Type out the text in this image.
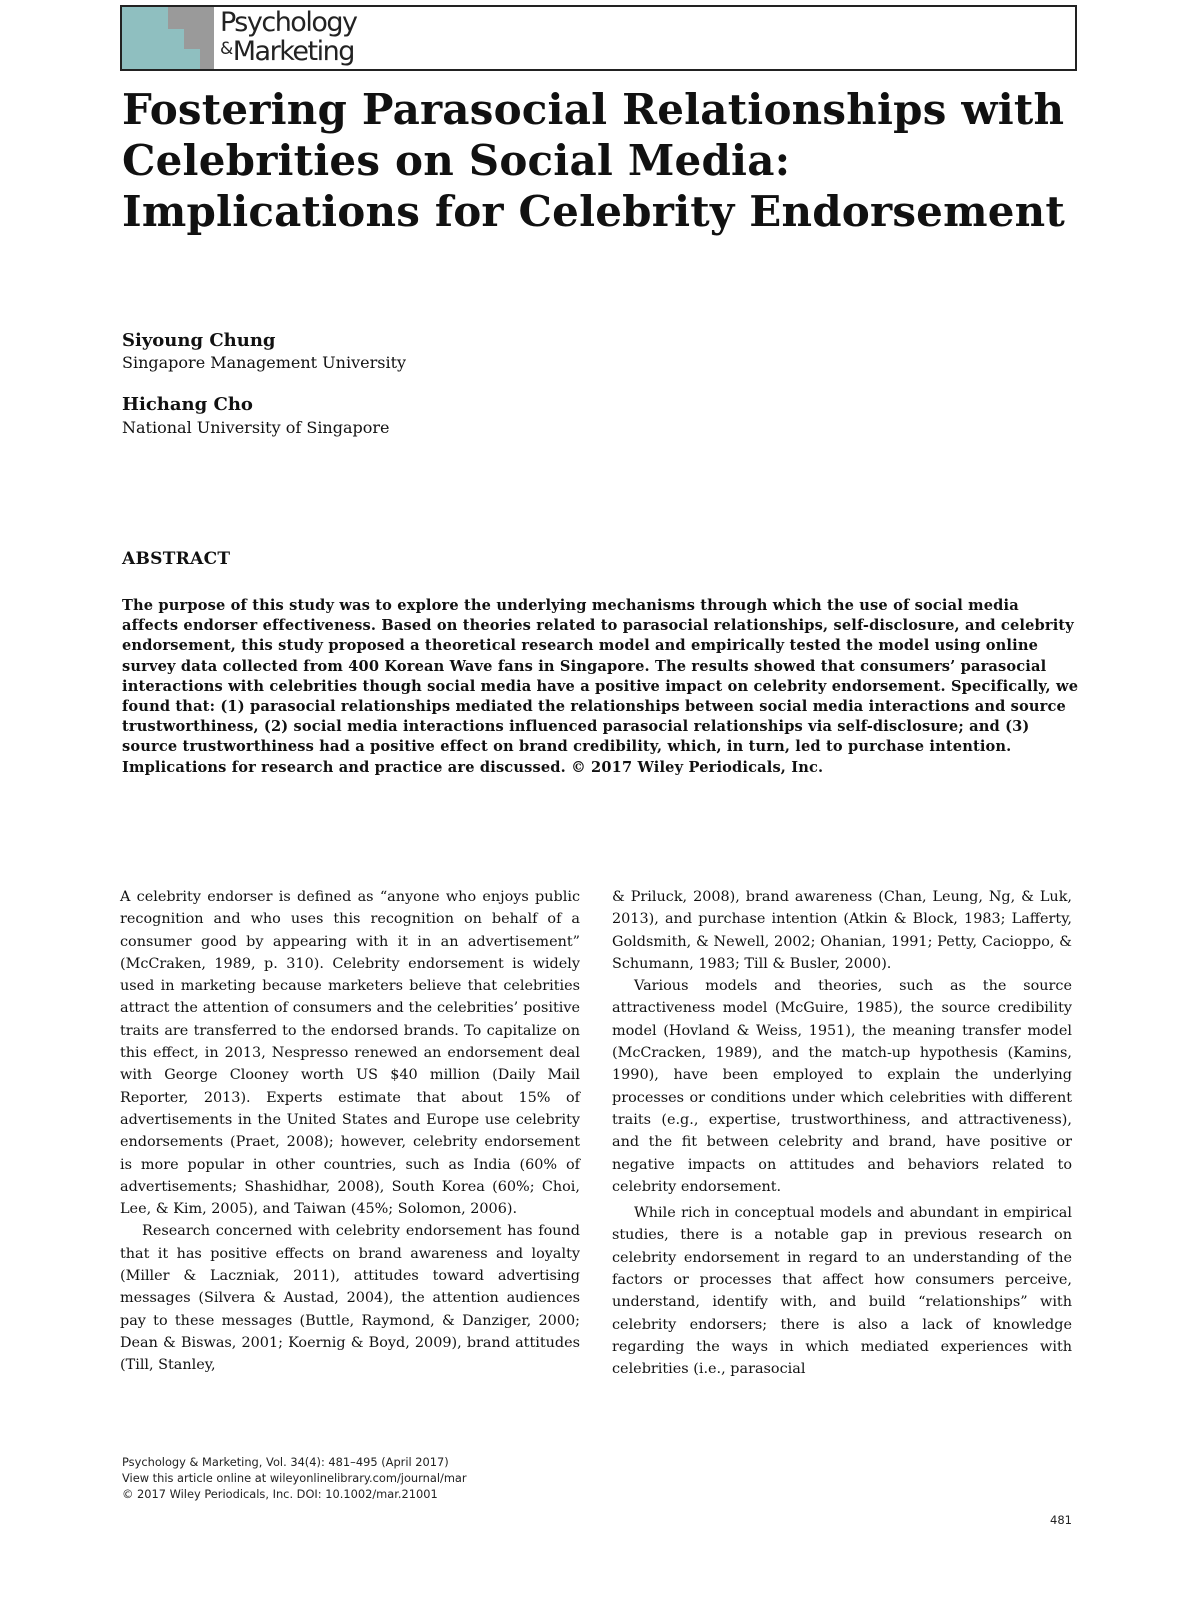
Psychology
&Marketing
Fostering Parasocial Relationships with Celebrities on Social Media: Implications for Celebrity Endorsement

Siyoung Chung

Singapore Management University

Hichang Cho

National University of Singapore

ABSTRACT

The purpose of this study was to explore the underlying mechanisms through which the use of social media affects endorser effectiveness. Based on theories related to parasocial relationships, self-disclosure, and celebrity endorsement, this study proposed a theoretical research model and empirically tested the model using online survey data collected from 400 Korean Wave fans in Singapore. The results showed that consumers’ parasocial interactions with celebrities though social media have a positive impact on celebrity endorsement. Specifically, we found that: (1) parasocial relationships mediated the relationships between social media interactions and source trustworthiness, (2) social media interactions influenced parasocial relationships via self-disclosure; and (3) source trustworthiness had a positive effect on brand credibility, which, in turn, led to purchase intention. Implications for research and practice are discussed. © 2017 Wiley Periodicals, Inc.

A celebrity endorser is defined as “anyone who enjoys public recognition and who uses this recognition on behalf of a consumer good by appearing with it in an advertisement” (McCraken, 1989, p. 310). Celebrity endorsement is widely used in marketing because marketers believe that celebrities attract the attention of consumers and the celebrities’ positive traits are transferred to the endorsed brands. To capitalize on this effect, in 2013, Nespresso renewed an endorsement deal with George Clooney worth US $40 million (Daily Mail Reporter, 2013). Experts estimate that about 15% of advertisements in the United States and Europe use celebrity endorsements (Praet, 2008); however, celebrity endorsement is more popular in other countries, such as India (60% of advertisements; Shashidhar, 2008), South Korea (60%; Choi, Lee, & Kim, 2005), and Taiwan (45%; Solomon, 2006).

Research concerned with celebrity endorsement has found that it has positive effects on brand awareness and loyalty (Miller & Laczniak, 2011), attitudes toward advertising messages (Silvera & Austad, 2004), the attention audiences pay to these messages (Buttle, Raymond, & Danziger, 2000; Dean & Biswas, 2001; Koernig & Boyd, 2009), brand attitudes (Till, Stanley,

& Priluck, 2008), brand awareness (Chan, Leung, Ng, & Luk, 2013), and purchase intention (Atkin & Block, 1983; Lafferty, Goldsmith, & Newell, 2002; Ohanian, 1991; Petty, Cacioppo, & Schumann, 1983; Till & Busler, 2000).

Various models and theories, such as the source attractiveness model (McGuire, 1985), the source credibility model (Hovland & Weiss, 1951), the meaning transfer model (McCracken, 1989), and the match-up hypothesis (Kamins, 1990), have been employed to explain the underlying processes or conditions under which celebrities with different traits (e.g., expertise, trustworthiness, and attractiveness), and the fit between celebrity and brand, have positive or negative impacts on attitudes and behaviors related to celebrity endorsement.

While rich in conceptual models and abundant in empirical studies, there is a notable gap in previous research on celebrity endorsement in regard to an understanding of the factors or processes that affect how consumers perceive, understand, identify with, and build “relationships” with celebrity endorsers; there is also a lack of knowledge regarding the ways in which mediated experiences with celebrities (i.e., parasocial

Psychology & Marketing, Vol. 34(4): 481–495 (April 2017)
View this article online at wileyonlinelibrary.com/journal/mar
© 2017 Wiley Periodicals, Inc. DOI: 10.1002/mar.21001
481
